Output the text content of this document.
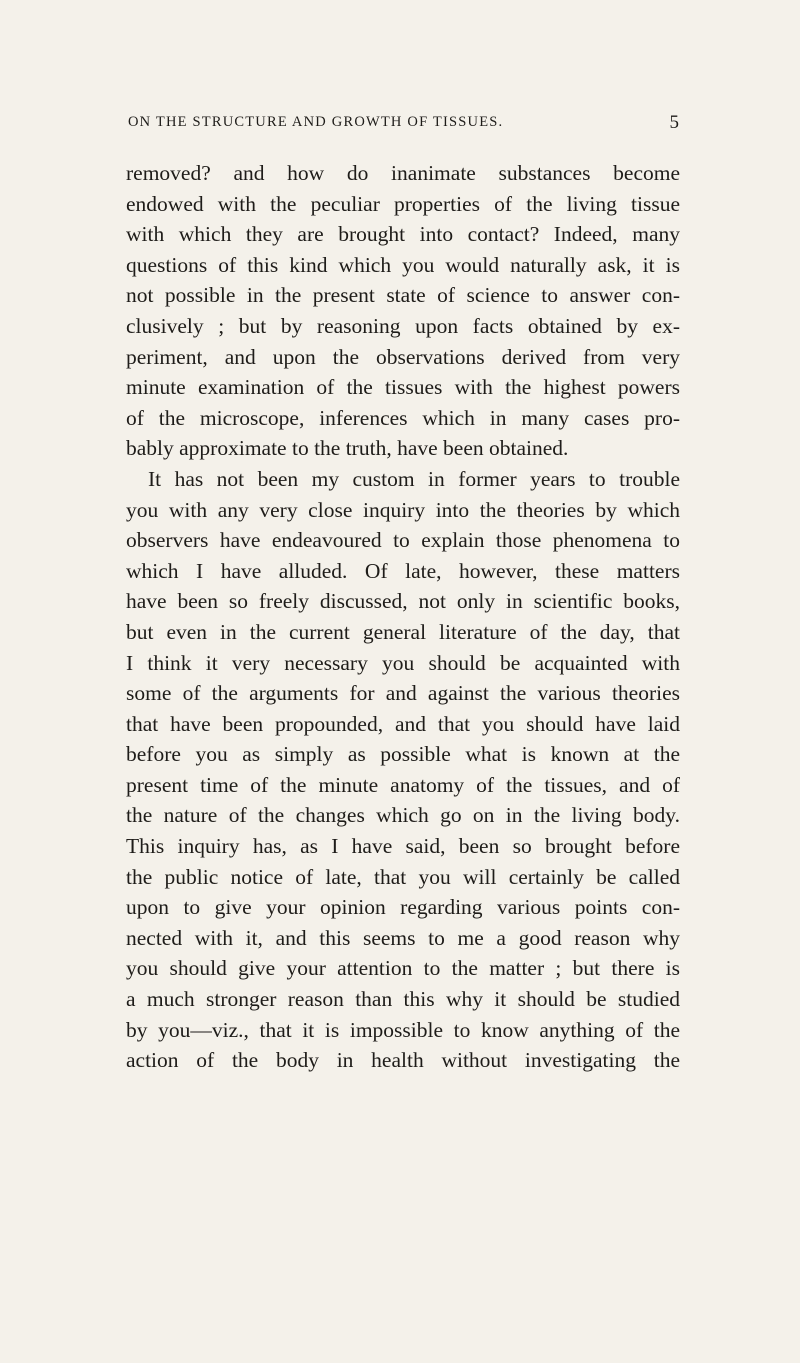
ON THE STRUCTURE AND GROWTH OF TISSUES.	5
removed? and how do inanimate substances become
endowed with the peculiar properties of the living tissue
with which they are brought into contact? Indeed, many
questions of this kind which you would naturally ask, it is
not possible in the present state of science to answer con-
clusively ; but by reasoning upon facts obtained by ex-
periment, and upon the observations derived from very
minute examination of the tissues with the highest powers
of the microscope, inferences which in many cases pro-
bably approximate to the truth, have been obtained.
It has not been my custom in former years to trouble
you with any very close inquiry into the theories by which
observers have endeavoured to explain those phenomena to
which I have alluded. Of late, however, these matters
have been so freely discussed, not only in scientific books,
but even in the current general literature of the day, that
I think it very necessary you should be acquainted with
some of the arguments for and against the various theories
that have been propounded, and that you should have laid
before you as simply as possible what is known at the
present time of the minute anatomy of the tissues, and of
the nature of the changes which go on in the living body.
This inquiry has, as I have said, been so brought before
the public notice of late, that you will certainly be called
upon to give your opinion regarding various points con-
nected with it, and this seems to me a good reason why
you should give your attention to the matter ; but there is
a much stronger reason than this why it should be studied
by you—viz., that it is impossible to know anything of the
action of the body in health without investigating the
